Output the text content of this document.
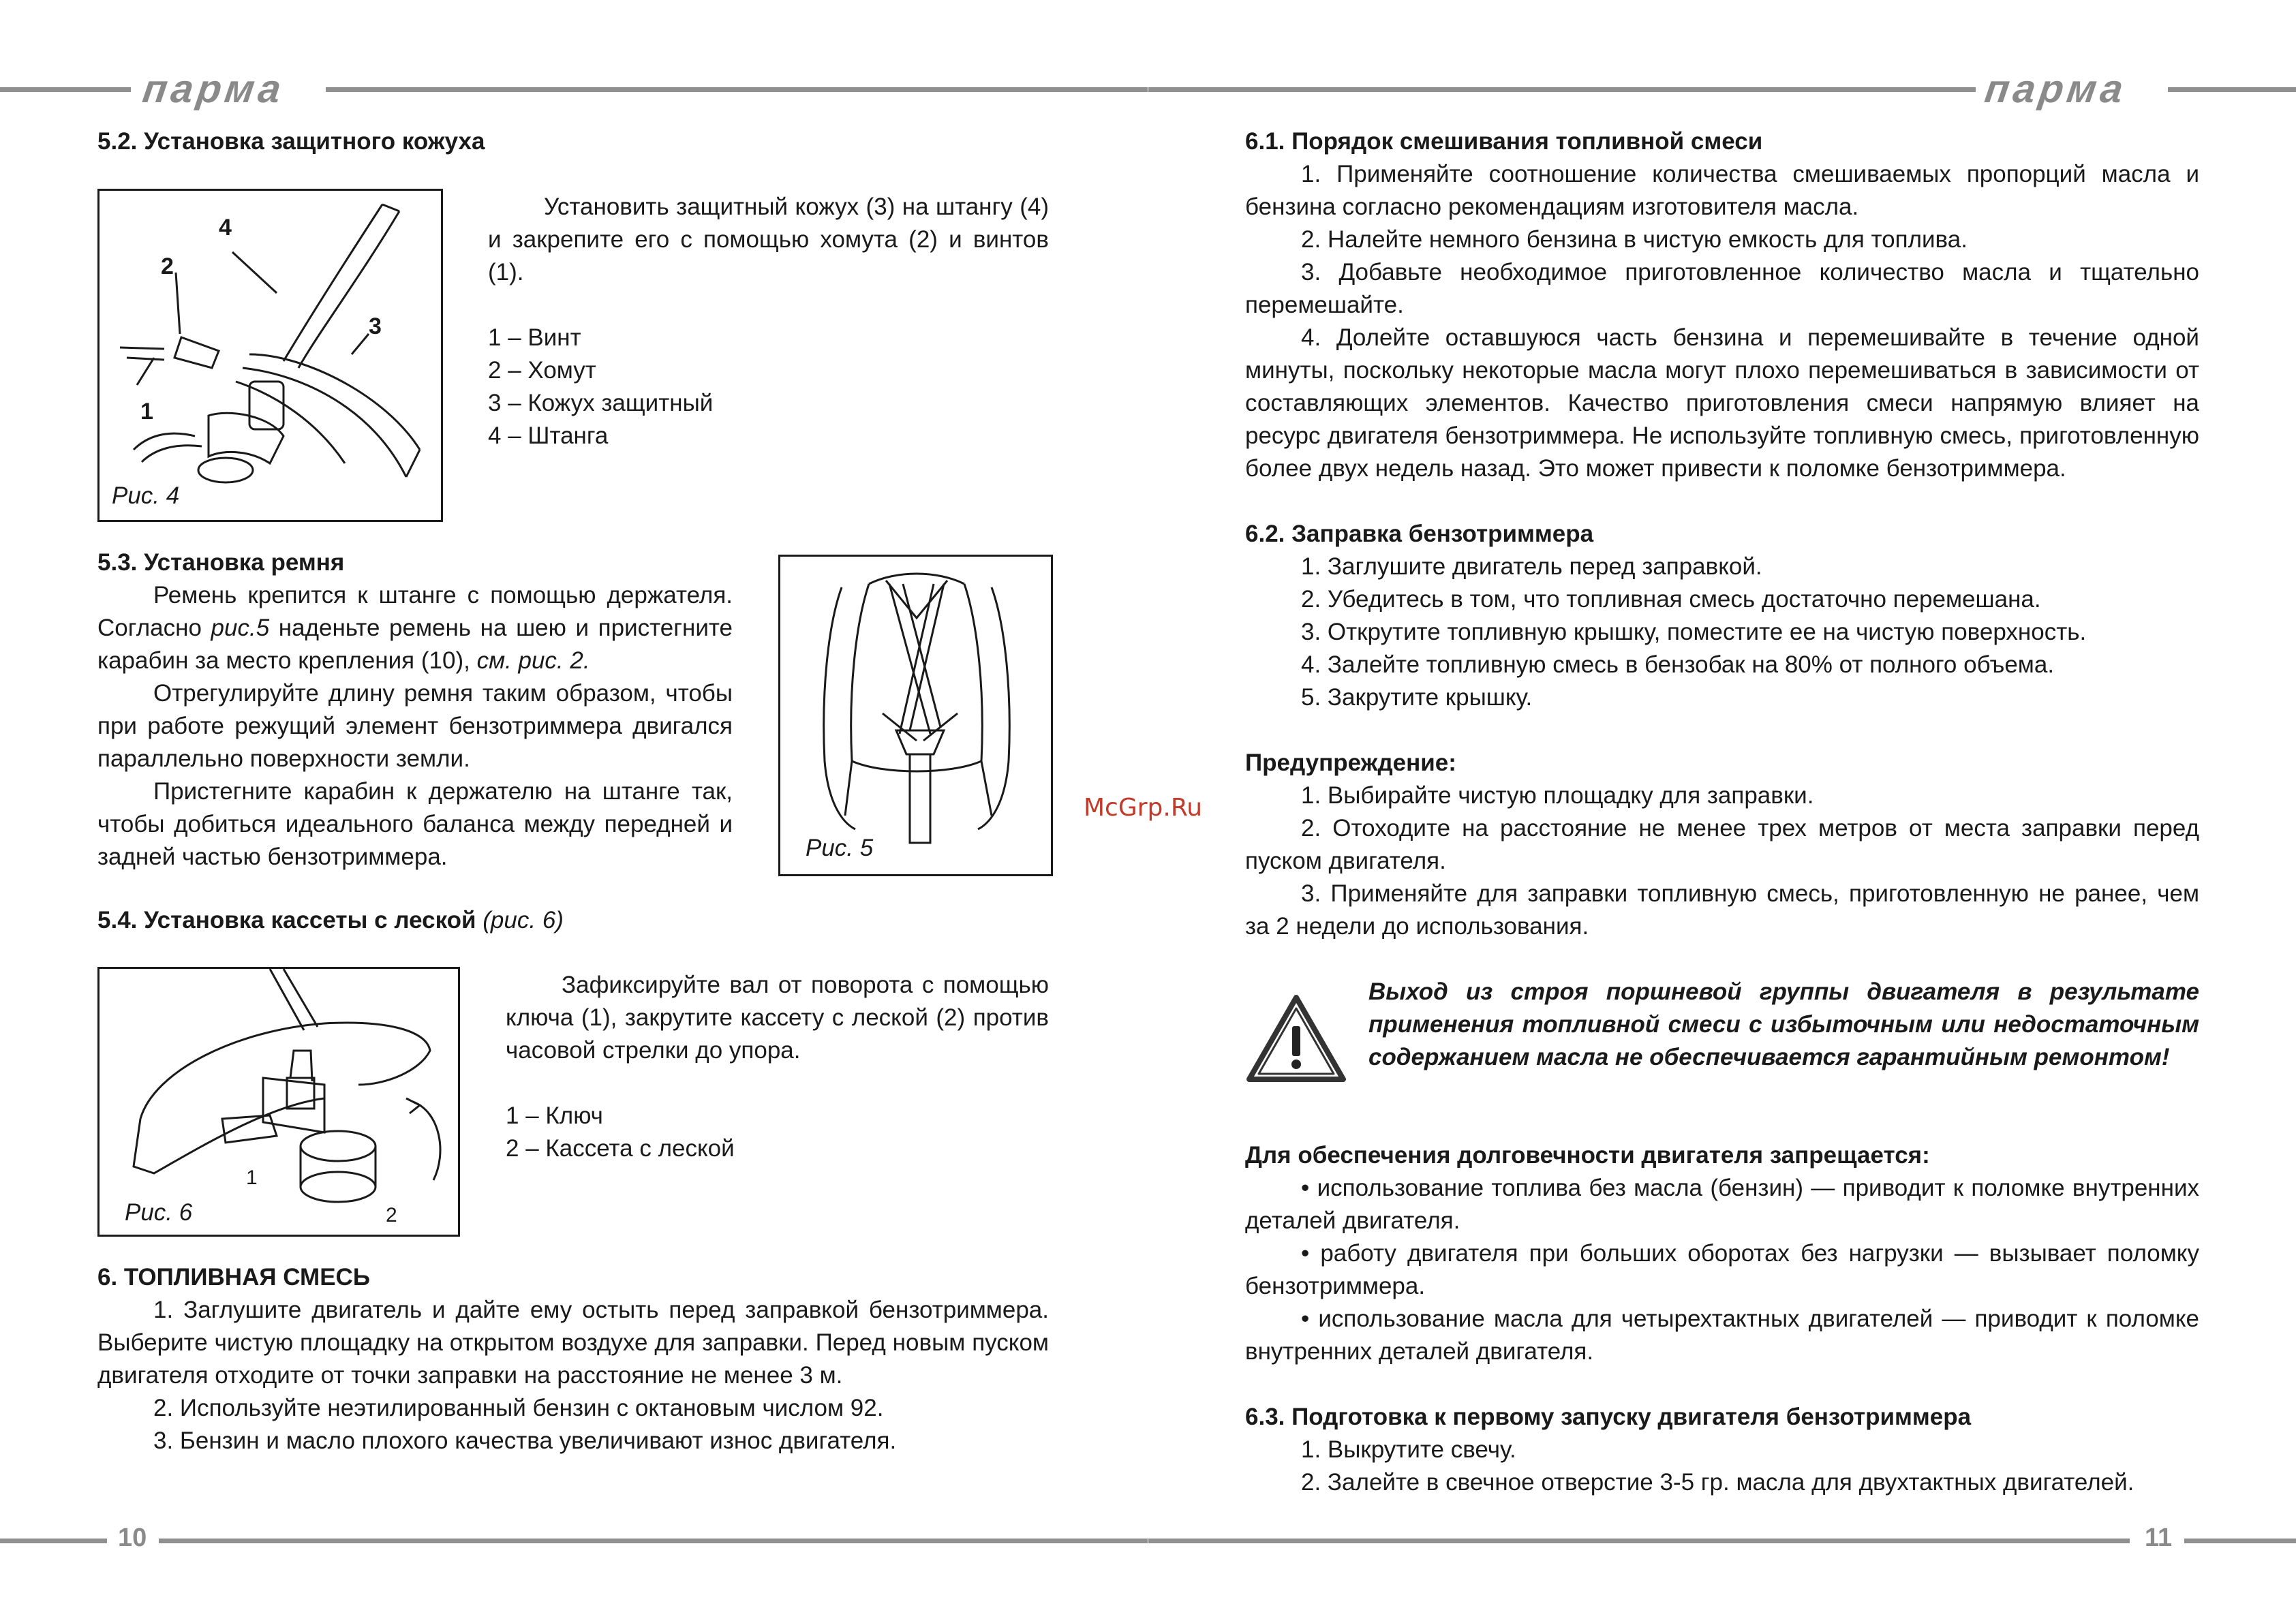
парма
5.2. Установка защитного кожуха
Рис. 4
4
2
3
1

Установить защитный кожух (3) на штангу (4) и закрепите его с помощью хомута (2) и винтов (1).

1 – Винт

2 – Хомут

3 – Кожух защитный

4 – Штанга

5.3. Установка ремня

Ремень крепится к штанге с помощью держателя. Согласно рис.5 наденьте ремень на шею и пристегните карабин за место крепления (10), см. рис. 2.

Отрегулируйте длину ремня таким образом, чтобы при работе режущий элемент бензотриммера двигался параллельно поверхности земли.

Пристегните карабин к держателю на штанге так, чтобы добиться идеального баланса между передней и задней частью бензотриммера.	Рис. 5
5.4. Установка кассеты с леской (рис. 6)
Рис. 6
1
2

Зафиксируйте вал от поворота с помощью ключа (1), закрутите кассету с леской (2) против часовой стрелки до упора.

1 – Ключ

2 – Кассета с леской

6. ТОПЛИВНАЯ СМЕСЬ

1. Заглушите двигатель и дайте ему остыть перед заправкой бензотриммера. Выберите чистую площадку на открытом воздухе для заправки. Перед новым пуском двигателя отходите от точки заправки на расстояние не менее 3 м.

2. Используйте неэтилированный бензин с октановым числом 92.

3. Бензин и масло плохого качества увеличивают износ двигателя.

10
парма
6.1. Порядок смешивания топливной смеси

1. Применяйте соотношение количества смешиваемых пропорций масла и бензина согласно рекомендациям изготовителя масла.

2. Налейте немного бензина в чистую емкость для топлива.

3. Добавьте необходимое приготовленное количество масла и тщательно перемешайте.

4. Долейте оставшуюся часть бензина и перемешивайте в течение одной минуты, поскольку некоторые масла могут плохо перемешиваться в зависимости от составляющих элементов. Качество приготовления смеси напрямую влияет на ресурс двигателя бензотриммера. Не используйте топливную смесь, приготовленную более двух недель назад. Это может привести к поломке бензотриммера.

6.2. Заправка бензотриммера

1. Заглушите двигатель перед заправкой.

2. Убедитесь в том, что топливная смесь достаточно перемешана.

3. Открутите топливную крышку, поместите ее на чистую поверхность.

4. Залейте топливную смесь в бензобак на 80% от полного объема.

5. Закрутите крышку.

Предупреждение:

1. Выбирайте чистую площадку для заправки.

2. Отоходите на расстояние не менее трех метров от места заправки перед пуском двигателя.

3. Применяйте для заправки топливную смесь, приготовленную не ранее, чем за 2 недели до использования.

Выход из строя поршневой группы двигателя в результате применения топливной смеси с избыточным или недостаточным содержанием масла не обеспечивается гарантийным ремонтом!

Для обеспечения долговечности двигателя запрещается:

• использование топлива без масла (бензин) — приводит к поломке внутренних деталей двигателя.

• работу двигателя при больших оборотах без нагрузки — вызывает поломку бензотриммера.

• использование масла для четырехтактных двигателей — приводит к поломке внутренних деталей двигателя.

6.3. Подготовка к первому запуску двигателя бензотриммера

1. Выкрутите свечу.

2. Залейте в свечное отверстие 3-5 гр. масла для двухтактных двигателей.

11
McGrp.Ru
